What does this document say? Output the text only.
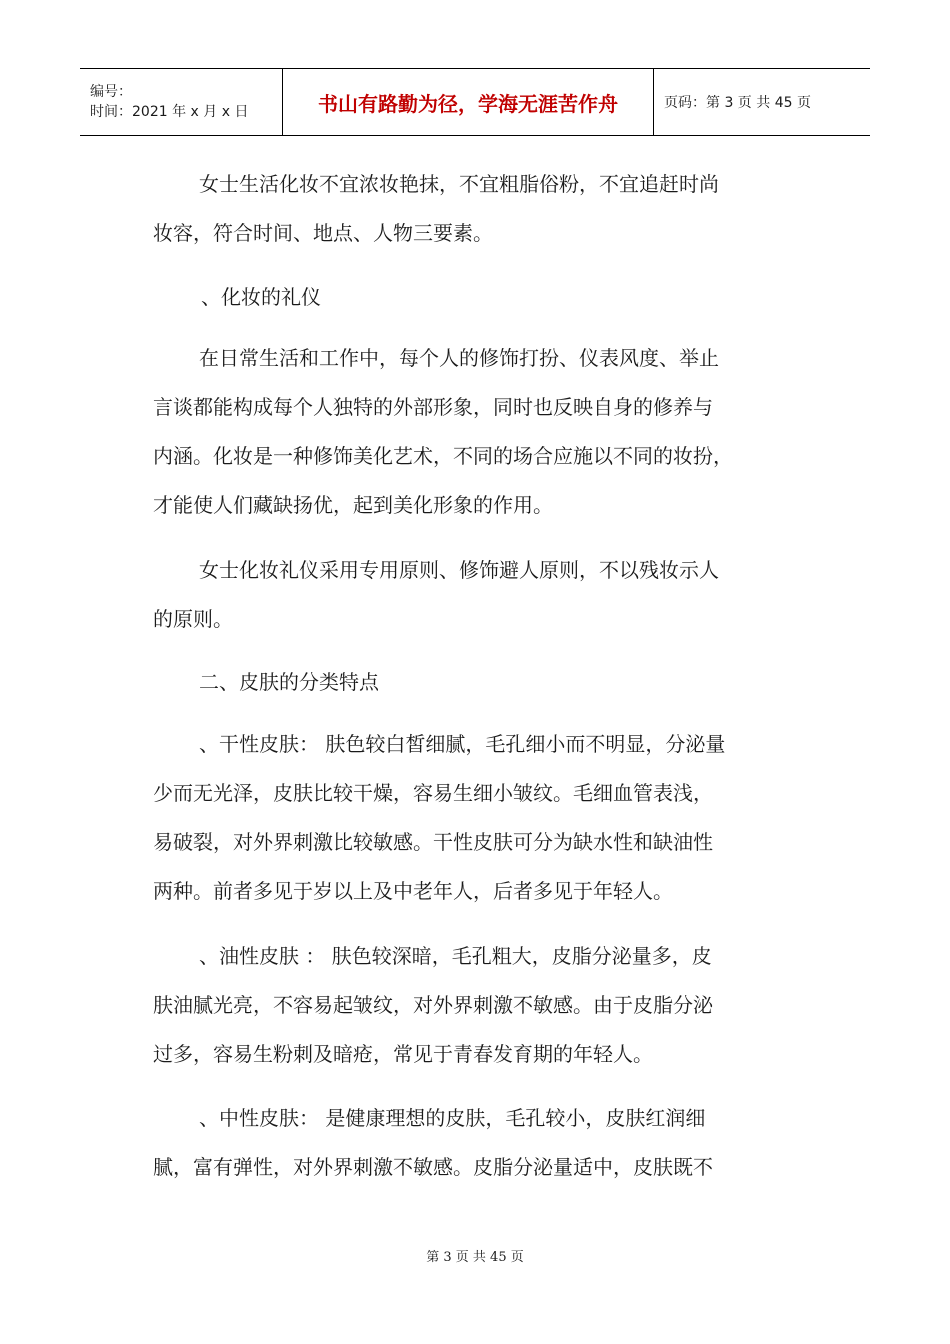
编号：
时间：2021 年 x 月 x 日	书山有路勤为径，学海无涯苦作舟	页码：第 3 页 共 45 页

女士生活化妆不宜浓妆艳抹，不宜粗脂俗粉，不宜追赶时尚
妆容，符合时间、地点、人物三要素。

、化妆的礼仪

在日常生活和工作中，每个人的修饰打扮、仪表风度、举止
言谈都能构成每个人独特的外部形象，同时也反映自身的修养与
内涵。化妆是一种修饰美化艺术，不同的场合应施以不同的妆扮，
才能使人们藏缺扬优，起到美化形象的作用。

女士化妆礼仪采用专用原则、修饰避人原则，不以残妆示人
的原则。

二、皮肤的分类特点

、干性皮肤： 肤色较白皙细腻，毛孔细小而不明显，分泌量
少而无光泽，皮肤比较干燥，容易生细小皱纹。毛细血管表浅，
易破裂，对外界刺激比较敏感。干性皮肤可分为缺水性和缺油性
两种。前者多见于岁以上及中老年人，后者多见于年轻人。

、油性皮肤 ： 肤色较深暗，毛孔粗大，皮脂分泌量多，皮
肤油腻光亮，不容易起皱纹，对外界刺激不敏感。由于皮脂分泌
过多，容易生粉刺及暗疮，常见于青春发育期的年轻人。

、中性皮肤： 是健康理想的皮肤，毛孔较小，皮肤红润细
腻，富有弹性，对外界刺激不敏感。皮脂分泌量适中，皮肤既不

第 3 页 共 45 页
